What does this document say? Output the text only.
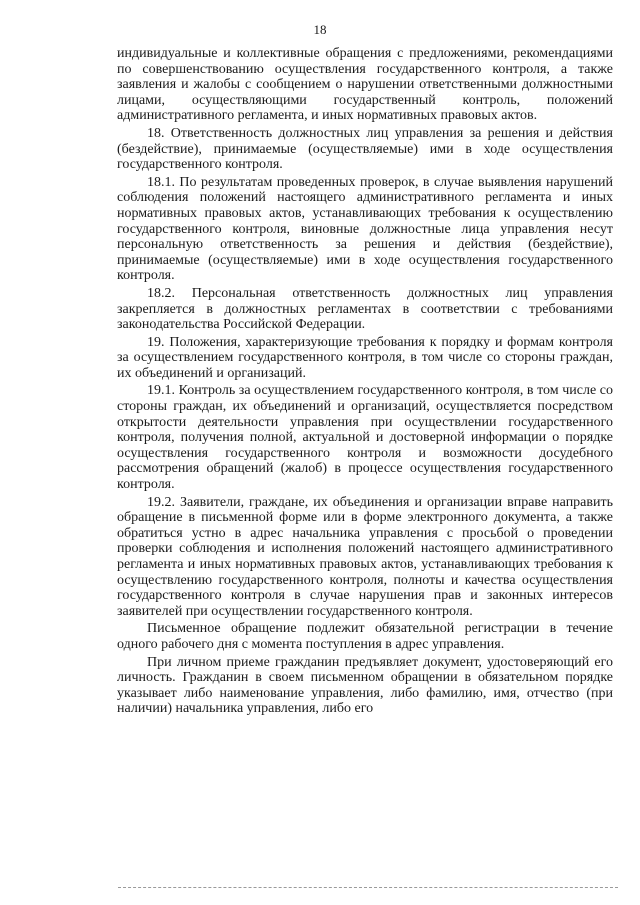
18

индивидуальные и коллективные обращения с предложениями, рекомендациями по совершенствованию осуществления государственного контроля, а также заявления и жалобы с сообщением о нарушении ответственными должностными лицами, осуществляющими государственный контроль, положений административного регламента, и иных нормативных правовых актов.

18. Ответственность должностных лиц управления за решения и действия (бездействие), принимаемые (осуществляемые) ими в ходе осуществления государственного контроля.

18.1. По результатам проведенных проверок, в случае выявления нарушений соблюдения положений настоящего административного регламента и иных нормативных правовых актов, устанавливающих требования к осуществлению государственного контроля, виновные должностные лица управления несут персональную ответственность за решения и действия (бездействие), принимаемые (осуществляемые) ими в ходе осуществления государственного контроля.

18.2. Персональная ответственность должностных лиц управления закрепляется в должностных регламентах в соответствии с требованиями законодательства Российской Федерации.

19. Положения, характеризующие требования к порядку и формам контроля за осуществлением государственного контроля, в том числе со стороны граждан, их объединений и организаций.

19.1. Контроль за осуществлением государственного контроля, в том числе со стороны граждан, их объединений и организаций, осуществляется посредством открытости деятельности управления при осуществлении государственного контроля, получения полной, актуальной и достоверной информации о порядке осуществления государственного контроля и возможности досудебного рассмотрения обращений (жалоб) в процессе осуществления государственного контроля.

19.2. Заявители, граждане, их объединения и организации вправе направить обращение в письменной форме или в форме электронного документа, а также обратиться устно в адрес начальника управления с просьбой о проведении проверки соблюдения и исполнения положений настоящего административного регламента и иных нормативных правовых актов, устанавливающих требования к осуществлению государственного контроля, полноты и качества осуществления государственного контроля в случае нарушения прав и законных интересов заявителей при осуществлении государственного контроля.

Письменное обращение подлежит обязательной регистрации в течение одного рабочего дня с момента поступления в адрес управления.

При личном приеме гражданин предъявляет документ, удостоверяющий его личность. Гражданин в своем письменном обращении в обязательном порядке указывает либо наименование управления, либо фамилию, имя, отчество (при наличии) начальника управления, либо его
